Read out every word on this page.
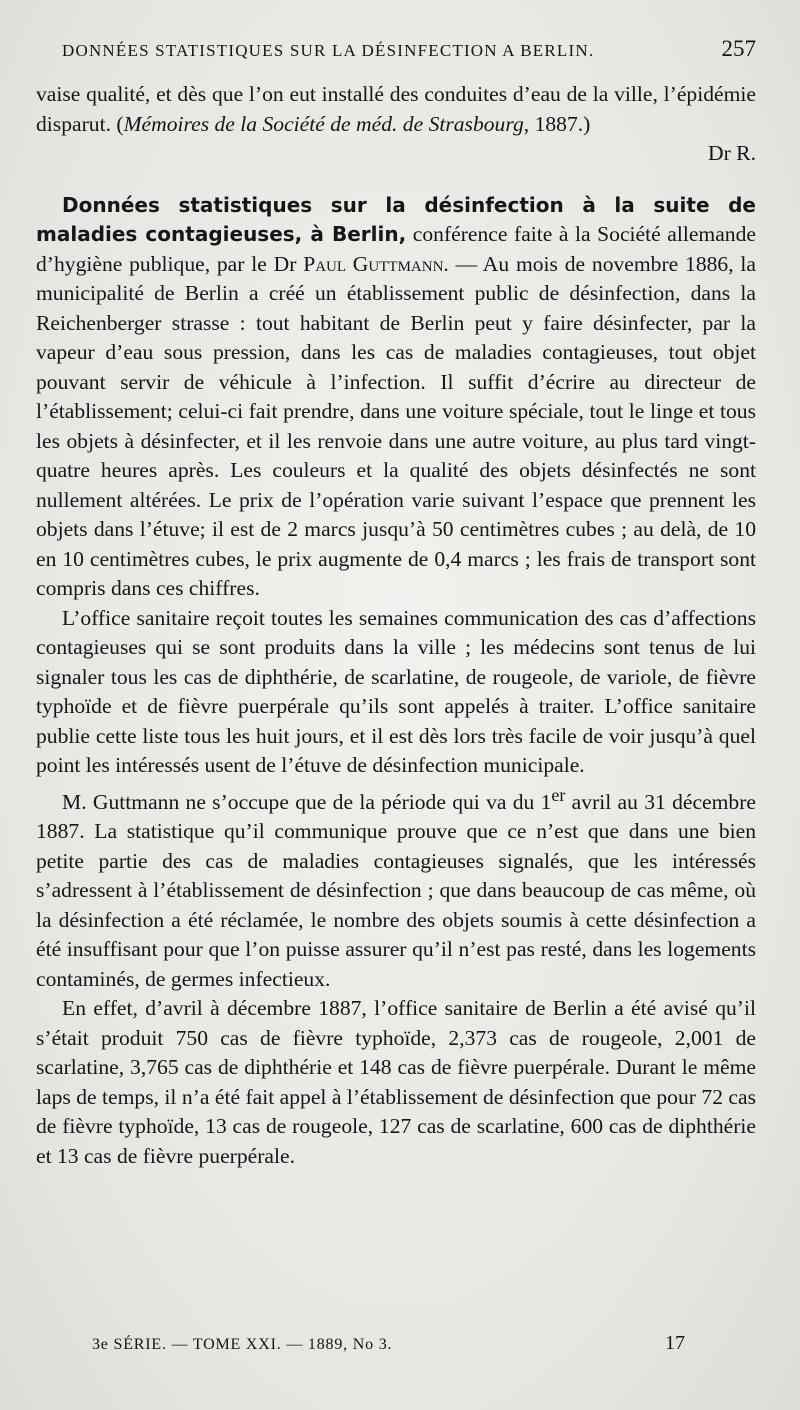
DONNÉES STATISTIQUES SUR LA DÉSINFECTION A BERLIN.	257

vaise qualité, et dès que l’on eut installé des conduites d’eau de la ville, l’épidémie disparut. (Mémoires de la Société de méd. de Strasbourg, 1887.)

Dr R.

Données statistiques sur la désinfection à la suite de maladies contagieuses, à Berlin, conférence faite à la Société allemande d’hygiène publique, par le Dr Paul Guttmann. — Au mois de novembre 1886, la municipalité de Berlin a créé un établissement public de désinfection, dans la Reichenberger strasse : tout habitant de Berlin peut y faire désinfecter, par la vapeur d’eau sous pression, dans les cas de maladies contagieuses, tout objet pouvant servir de véhicule à l’infection. Il suffit d’écrire au directeur de l’établissement; celui-ci fait prendre, dans une voiture spéciale, tout le linge et tous les objets à désinfecter, et il les renvoie dans une autre voiture, au plus tard vingt-quatre heures après. Les couleurs et la qualité des objets désinfectés ne sont nullement altérées. Le prix de l’opération varie suivant l’espace que prennent les objets dans l’étuve; il est de 2 marcs jusqu’à 50 centimètres cubes ; au delà, de 10 en 10 centimètres cubes, le prix augmente de 0,4 marcs ; les frais de transport sont compris dans ces chiffres.

L’office sanitaire reçoit toutes les semaines communication des cas d’affections contagieuses qui se sont produits dans la ville ; les médecins sont tenus de lui signaler tous les cas de diphthérie, de scarlatine, de rougeole, de variole, de fièvre typhoïde et de fièvre puerpérale qu’ils sont appelés à traiter. L’office sanitaire publie cette liste tous les huit jours, et il est dès lors très facile de voir jusqu’à quel point les intéressés usent de l’étuve de désinfection municipale.

M. Guttmann ne s’occupe que de la période qui va du 1er avril au 31 décembre 1887. La statistique qu’il communique prouve que ce n’est que dans une bien petite partie des cas de maladies contagieuses signalés, que les intéressés s’adressent à l’établissement de désinfection ; que dans beaucoup de cas même, où la désinfection a été réclamée, le nombre des objets soumis à cette désinfection a été insuffisant pour que l’on puisse assurer qu’il n’est pas resté, dans les logements contaminés, de germes infectieux.

En effet, d’avril à décembre 1887, l’office sanitaire de Berlin a été avisé qu’il s’était produit 750 cas de fièvre typhoïde, 2,373 cas de rougeole, 2,001 de scarlatine, 3,765 cas de diphthérie et 148 cas de fièvre puerpérale. Durant le même laps de temps, il n’a été fait appel à l’établissement de désinfection que pour 72 cas de fièvre typhoïde, 13 cas de rougeole, 127 cas de scarlatine, 600 cas de diphthérie et 13 cas de fièvre puerpérale.

3e SÉRIE. — TOME XXI. — 1889, No 3.	17
